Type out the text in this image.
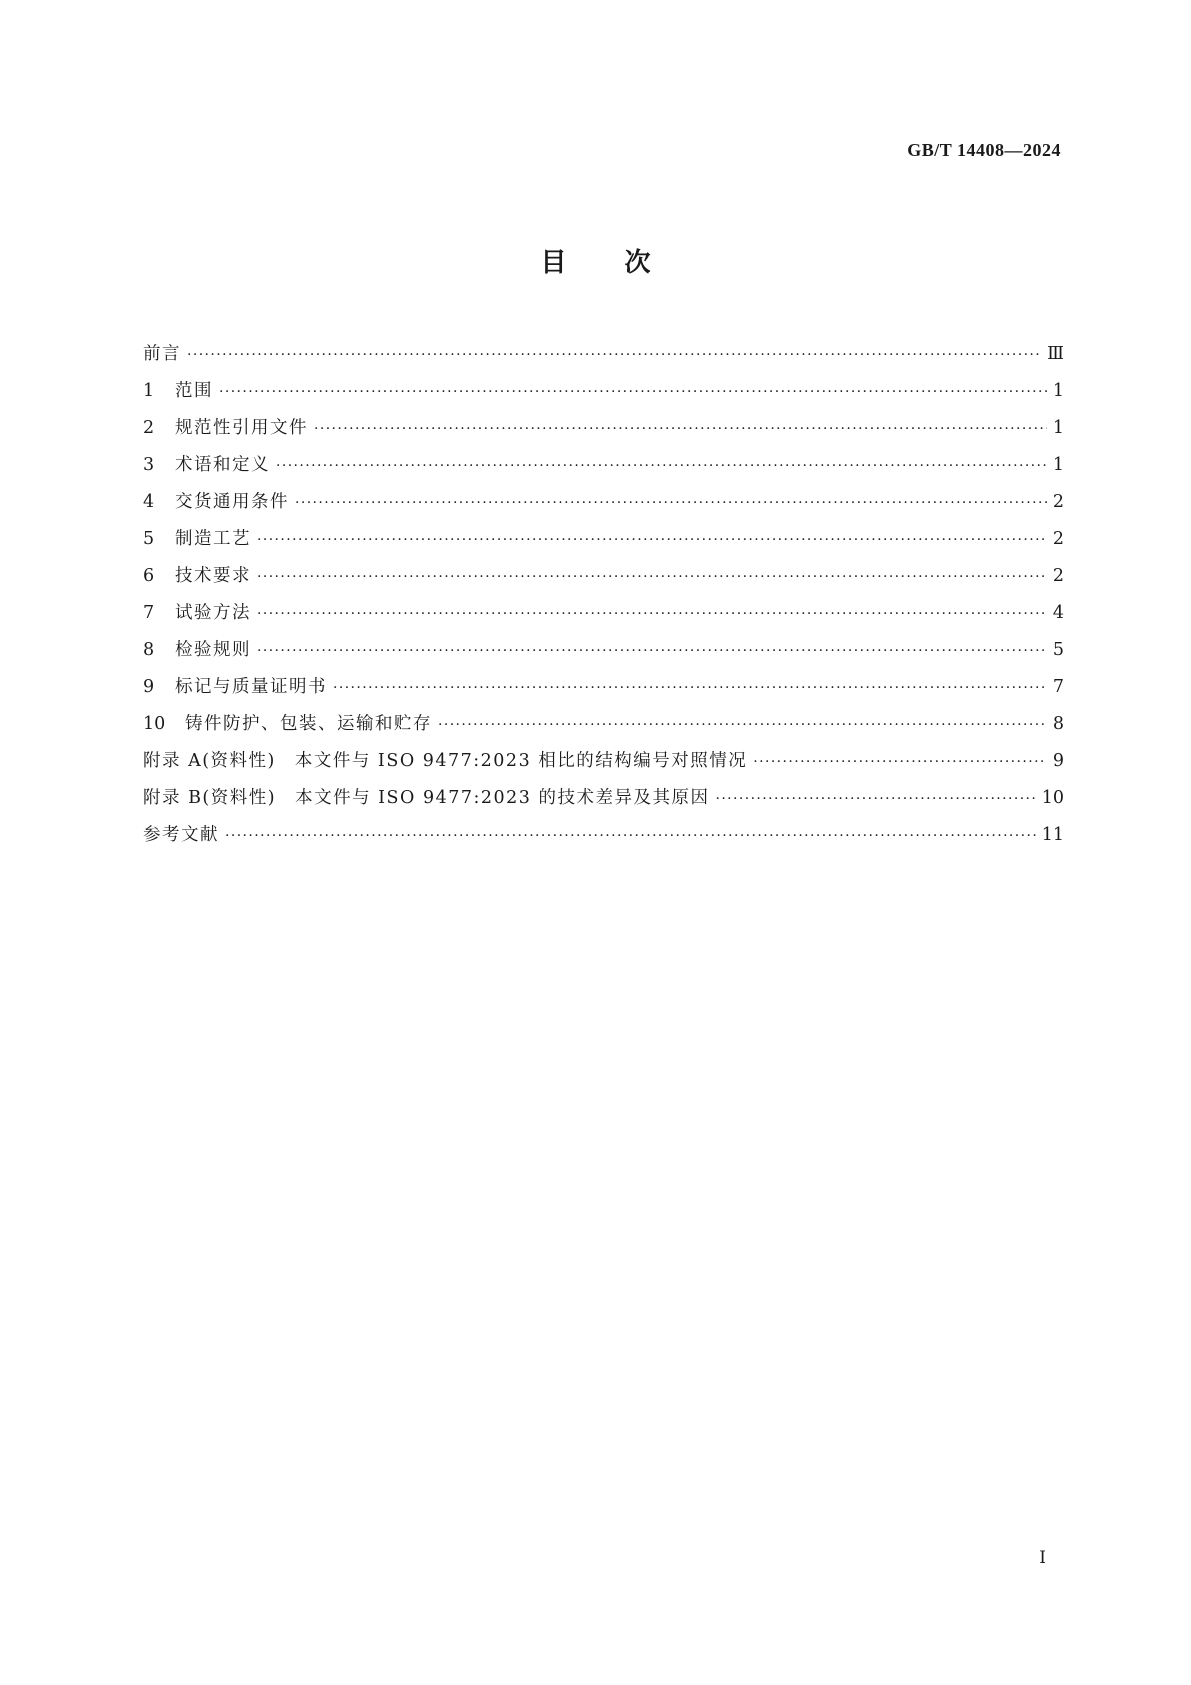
GB/T 14408—2024
目次
前言 ·····	Ⅲ
1	范围 ·····	1
2	规范性引用文件 ·····	1
3	术语和定义 ·····	1
4	交货通用条件 ·····	2
5	制造工艺 ·····	2
6	技术要求 ·····	2
7	试验方法 ·····	4
8	检验规则 ·····	5
9	标记与质量证明书 ·····	7
10	铸件防护、包装、运输和贮存 ·····	8
附录 A(资料性)　本文件与 ISO 9477:2023 相比的结构编号对照情况 ·····	9
附录 B(资料性)　本文件与 ISO 9477:2023 的技术差异及其原因 ·····	10
参考文献 ·····	11
I
